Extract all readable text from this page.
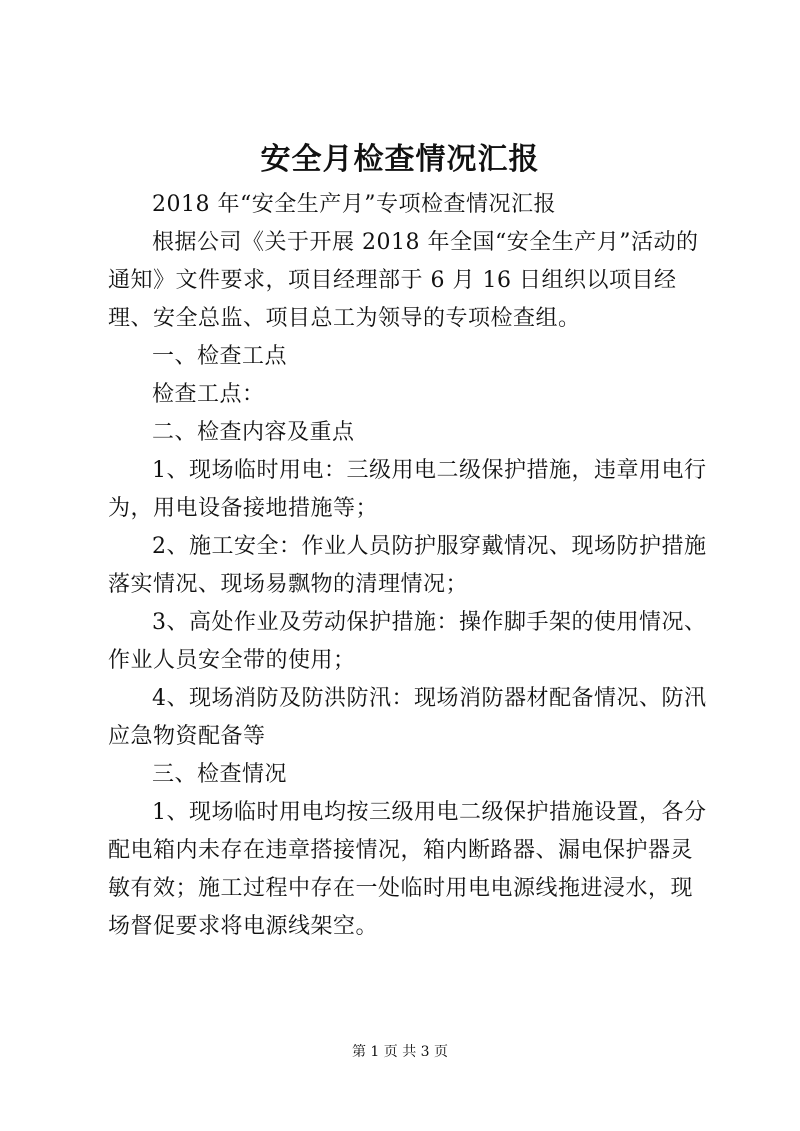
安全月检查情况汇报

2018 年“安全生产月”专项检查情况汇报

根据公司《关于开展 2018 年全国“安全生产月”活动的通知》文件要求，项目经理部于 6 月 16 日组织以项目经理、安全总监、项目总工为领导的专项检查组。

一、检查工点

检查工点：

二、检查内容及重点

1、现场临时用电：三级用电二级保护措施，违章用电行为，用电设备接地措施等；

2、施工安全：作业人员防护服穿戴情况、现场防护措施落实情况、现场易飘物的清理情况；

3、高处作业及劳动保护措施：操作脚手架的使用情况、作业人员安全带的使用；

4、现场消防及防洪防汛：现场消防器材配备情况、防汛应急物资配备等

三、检查情况

1、现场临时用电均按三级用电二级保护措施设置，各分配电箱内未存在违章搭接情况，箱内断路器、漏电保护器灵敏有效；施工过程中存在一处临时用电电源线拖进浸水，现场督促要求将电源线架空。

第 1 页 共 3 页
